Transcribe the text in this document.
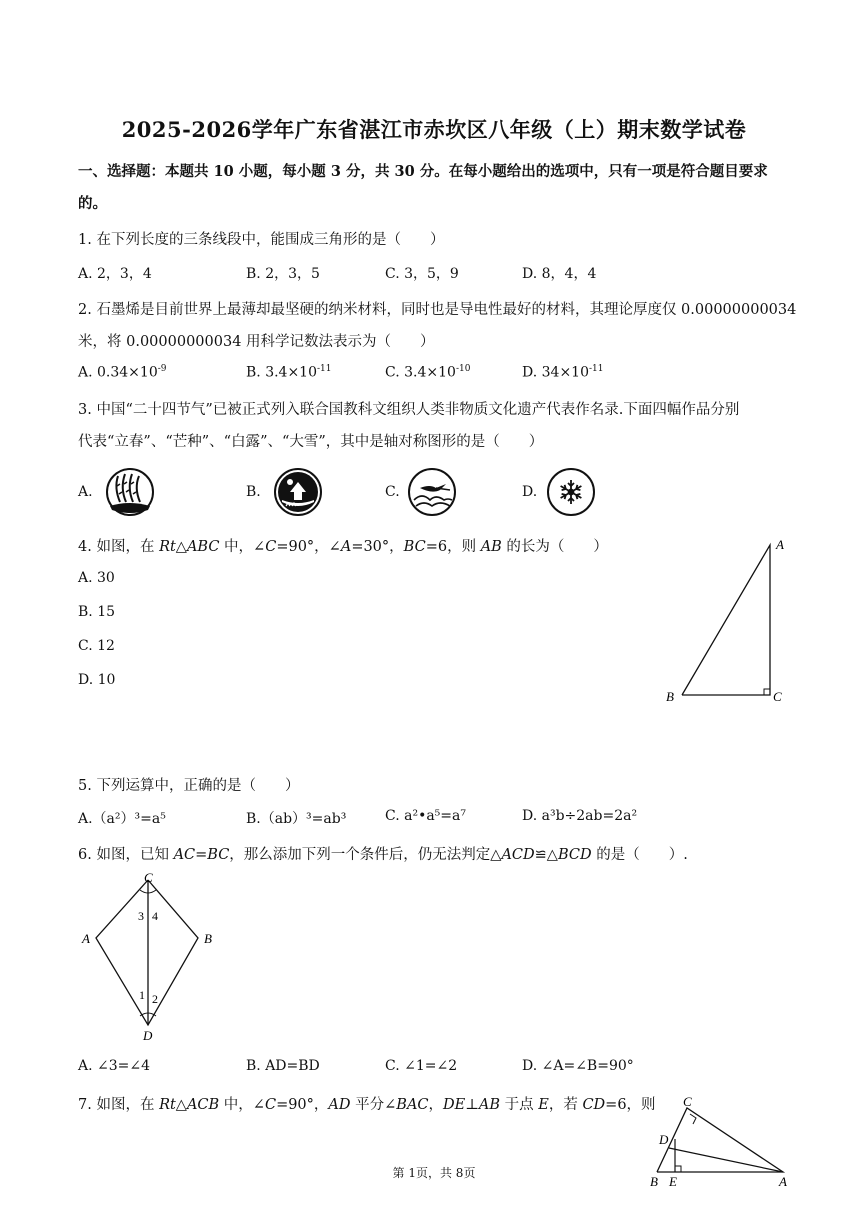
2025-2026学年广东省湛江市赤坎区八年级（上）期末数学试卷
一、选择题：本题共 10 小题，每小题 3 分，共 30 分。在每小题给出的选项中，只有一项是符合题目要求
的。
1. 在下列长度的三条线段中，能围成三角形的是（　　）
A. 2，3，4	B. 2，3，5	C. 3，5，9	D. 8，4，4
2. 石墨烯是目前世界上最薄却最坚硬的纳米材料，同时也是导电性最好的材料，其理论厚度仅 0.00000000034
米，将 0.00000000034 用科学记数法表示为（　　）
A. $0.34\times 10^{-9}$	B. $3.4\times 10^{-11}$	C. $3.4\times 10^{-10}$	D. $34\times 10^{-11}$
3. 中国“二十四节气”已被正式列入联合国教科文组织人类非物质文化遗产代表作名录.下面四幅作品分别
代表“立春”、“芒种”、“白露”、“大雪”，其中是轴对称图形的是（　　）
A.	B.	C.	D.
4. 如图，在 Rt△ABC 中，∠C=90°，∠A=30°，BC=6，则 AB 的长为（　　）
A. 30
B. 15
C. 12
D. 10
A
B	C
5. 下列运算中，正确的是（　　）
A.（a²）³=a⁵	B.（ab）³=ab³	C. a²•a⁵=a⁷	D. a³b÷2ab=2a²
6. 如图，已知 AC=BC，那么添加下列一个条件后，仍无法判定△ACD≌△BCD 的是（　　）.
C
A	B
D
3 4
1 2
A. ∠3=∠4	B. AD=BD	C. ∠1=∠2	D. ∠A=∠B=90°
7. 如图，在 Rt△ACB 中，∠C=90°，AD 平分∠BAC，DE⊥AB 于点 E，若 CD=6，则 C
D
B E	A
第 1页，共 8页
